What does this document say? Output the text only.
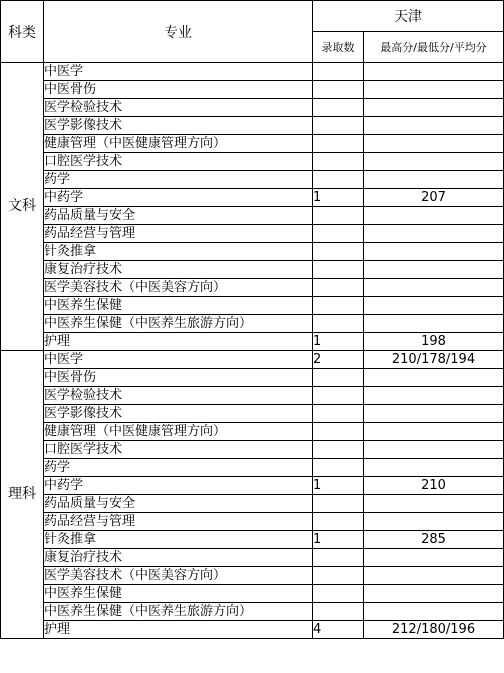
科类	专业	天津	
		录取数	最高分/最低分/平均分
文科	中医学		
	中医骨伤		
	医学检验技术		
	医学影像技术		
	健康管理（中医健康管理方向）		
	口腔医学技术		
	药学		
	中药学	1	207
	药品质量与安全		
	药品经营与管理		
	针灸推拿		
	康复治疗技术		
	医学美容技术（中医美容方向）		
	中医养生保健		
	中医养生保健（中医养生旅游方向）		
	护理	1	198
理科	中医学	2	210/178/194
	中医骨伤		
	医学检验技术		
	医学影像技术		
	健康管理（中医健康管理方向）		
	口腔医学技术		
	药学		
	中药学	1	210
	药品质量与安全		
	药品经营与管理		
	针灸推拿	1	285
	康复治疗技术		
	医学美容技术（中医美容方向）		
	中医养生保健		
	中医养生保健（中医养生旅游方向）		
	护理	4	212/180/196
